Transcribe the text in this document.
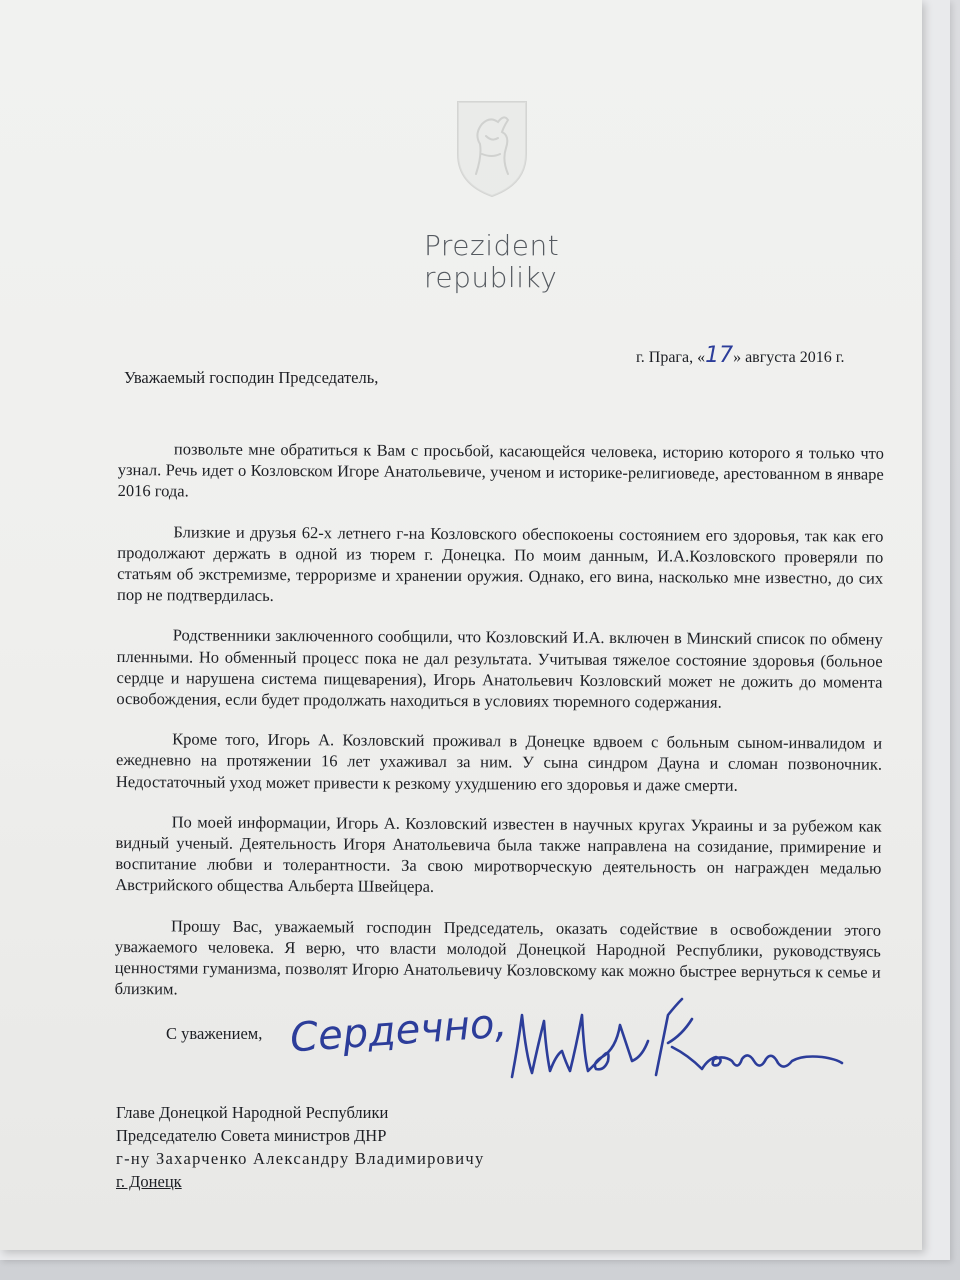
Prezident
republiky
г. Прага, «17» августа 2016 г.
Уважаемый господин Председатель,

позвольте мне обратиться к Вам с просьбой, касающейся человека, историю которого я только что узнал. Речь идет о Козловском Игоре Анатольевиче, ученом и историке-религиоведе, арестованном в январе 2016 года.

Близкие и друзья 62-х летнего г-на Козловского обеспокоены состоянием его здоровья, так как его продолжают держать в одной из тюрем г. Донецка. По моим данным, И.А.Козловского проверяли по статьям об экстремизме, терроризме и хранении оружия. Однако, его вина, насколько мне известно, до сих пор не подтвердилась.

Родственники заключенного сообщили, что Козловский И.А. включен в Минский список по обмену пленными. Но обменный процесс пока не дал результата. Учитывая тяжелое состояние здоровья (больное сердце и нарушена система пищеварения), Игорь Анатольевич Козловский может не дожить до момента освобождения, если будет продолжать находиться в условиях тюремного содержания.

Кроме того, Игорь А. Козловский проживал в Донецке вдвоем с больным сыном-инвалидом и ежедневно на протяжении 16 лет ухаживал за ним. У сына синдром Дауна и сломан позвоночник. Недостаточный уход может привести к резкому ухудшению его здоровья и даже смерти.

По моей информации, Игорь А. Козловский известен в научных кругах Украины и за рубежом как видный ученый. Деятельность Игоря Анатольевича была также направлена на созидание, примирение и воспитание любви и толерантности. За свою миротворческую деятельность он награжден медалью Австрийского общества Альберта Швейцера.

Прошу Вас, уважаемый господин Председатель, оказать содействие в освобождении этого уважаемого человека. Я верю, что власти молодой Донецкой Народной Республики, руководствуясь ценностями гуманизма, позволят Игорю Анатольевичу Козловскому как можно быстрее вернуться к семье и близким.

С уважением, Сердечно,
Главе Донецкой Народной Республики
Председателю Совета министров ДНР
г-ну Захарченко Александру Владимировичу
г. Донецк
